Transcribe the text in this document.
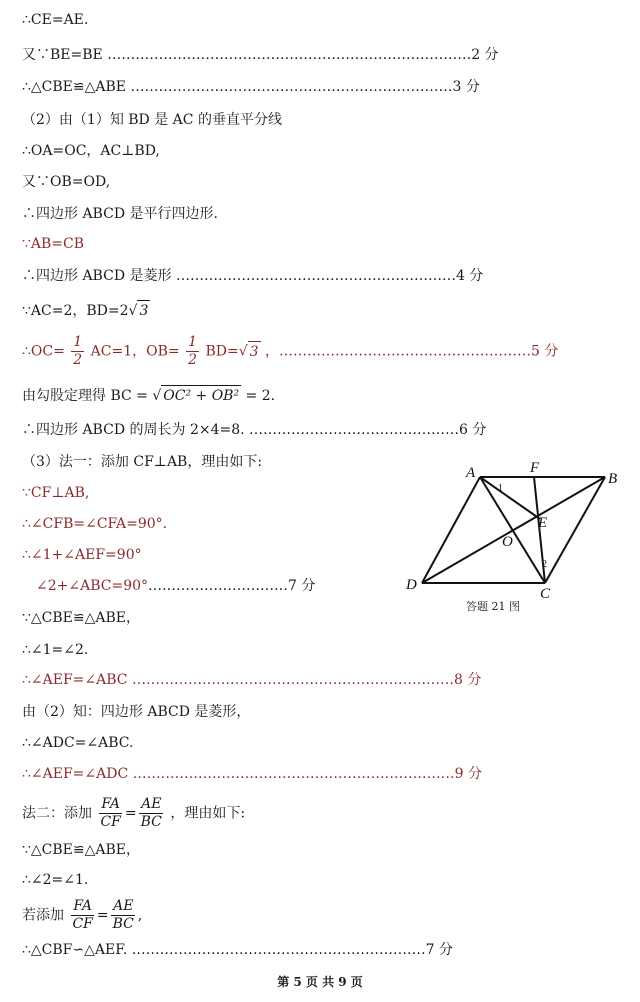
∴CE=AE.
又∵BE=BE ……………………………………………………………………2 分
∴△CBE≌△ABE ……………………………………………………………3 分
（2）由（1）知 BD 是 AC 的垂直平分线
∴OA=OC，AC⊥BD,
又∵OB=OD,
∴四边形 ABCD 是平行四边形.
∵AB=CB
∴四边形 ABCD 是菱形 ……………………………………………………4 分
∵AC=2，BD=2√ 3
∴OC= $\frac{1}{2} AC=1$，$OB= \frac{1}{2} BD=√$ 3 ，………………………………………………5 分
由勾股定理得 BC = √ OC² + OB² = 2.
∴四边形 ABCD 的周长为 2×4=8. ………………………………………6 分
（3）法一：添加 CF⊥AB，理由如下:
∵CF⊥AB,
∴∠CFB=∠CFA=90°.
∴∠1+∠AEF=90°
∠2+∠ABC=90°…………………………7 分
∵△CBE≌△ABE，
∴∠1=∠2.
∴∠AEF=∠ABC ……………………………………………………………8 分
由（2）知：四边形 ABCD 是菱形，
∴∠ADC=∠ABC.
∴∠AEF=∠ADC ……………………………………………………………9 分
法二：添加 $\frac{FA}{CF} = \frac{AE}{BC}$ ，理由如下:
∵△CBE≌△ABE，
∴∠2=∠1.
若添加 $\frac{FA}{CF} = \frac{AE}{BC}$ ,
∴△CBF∽△AEF. ………………………………………………………7 分
A	B
C
D
E
F
O
1
2
答题 21 图
第 5 页 共 9 页
